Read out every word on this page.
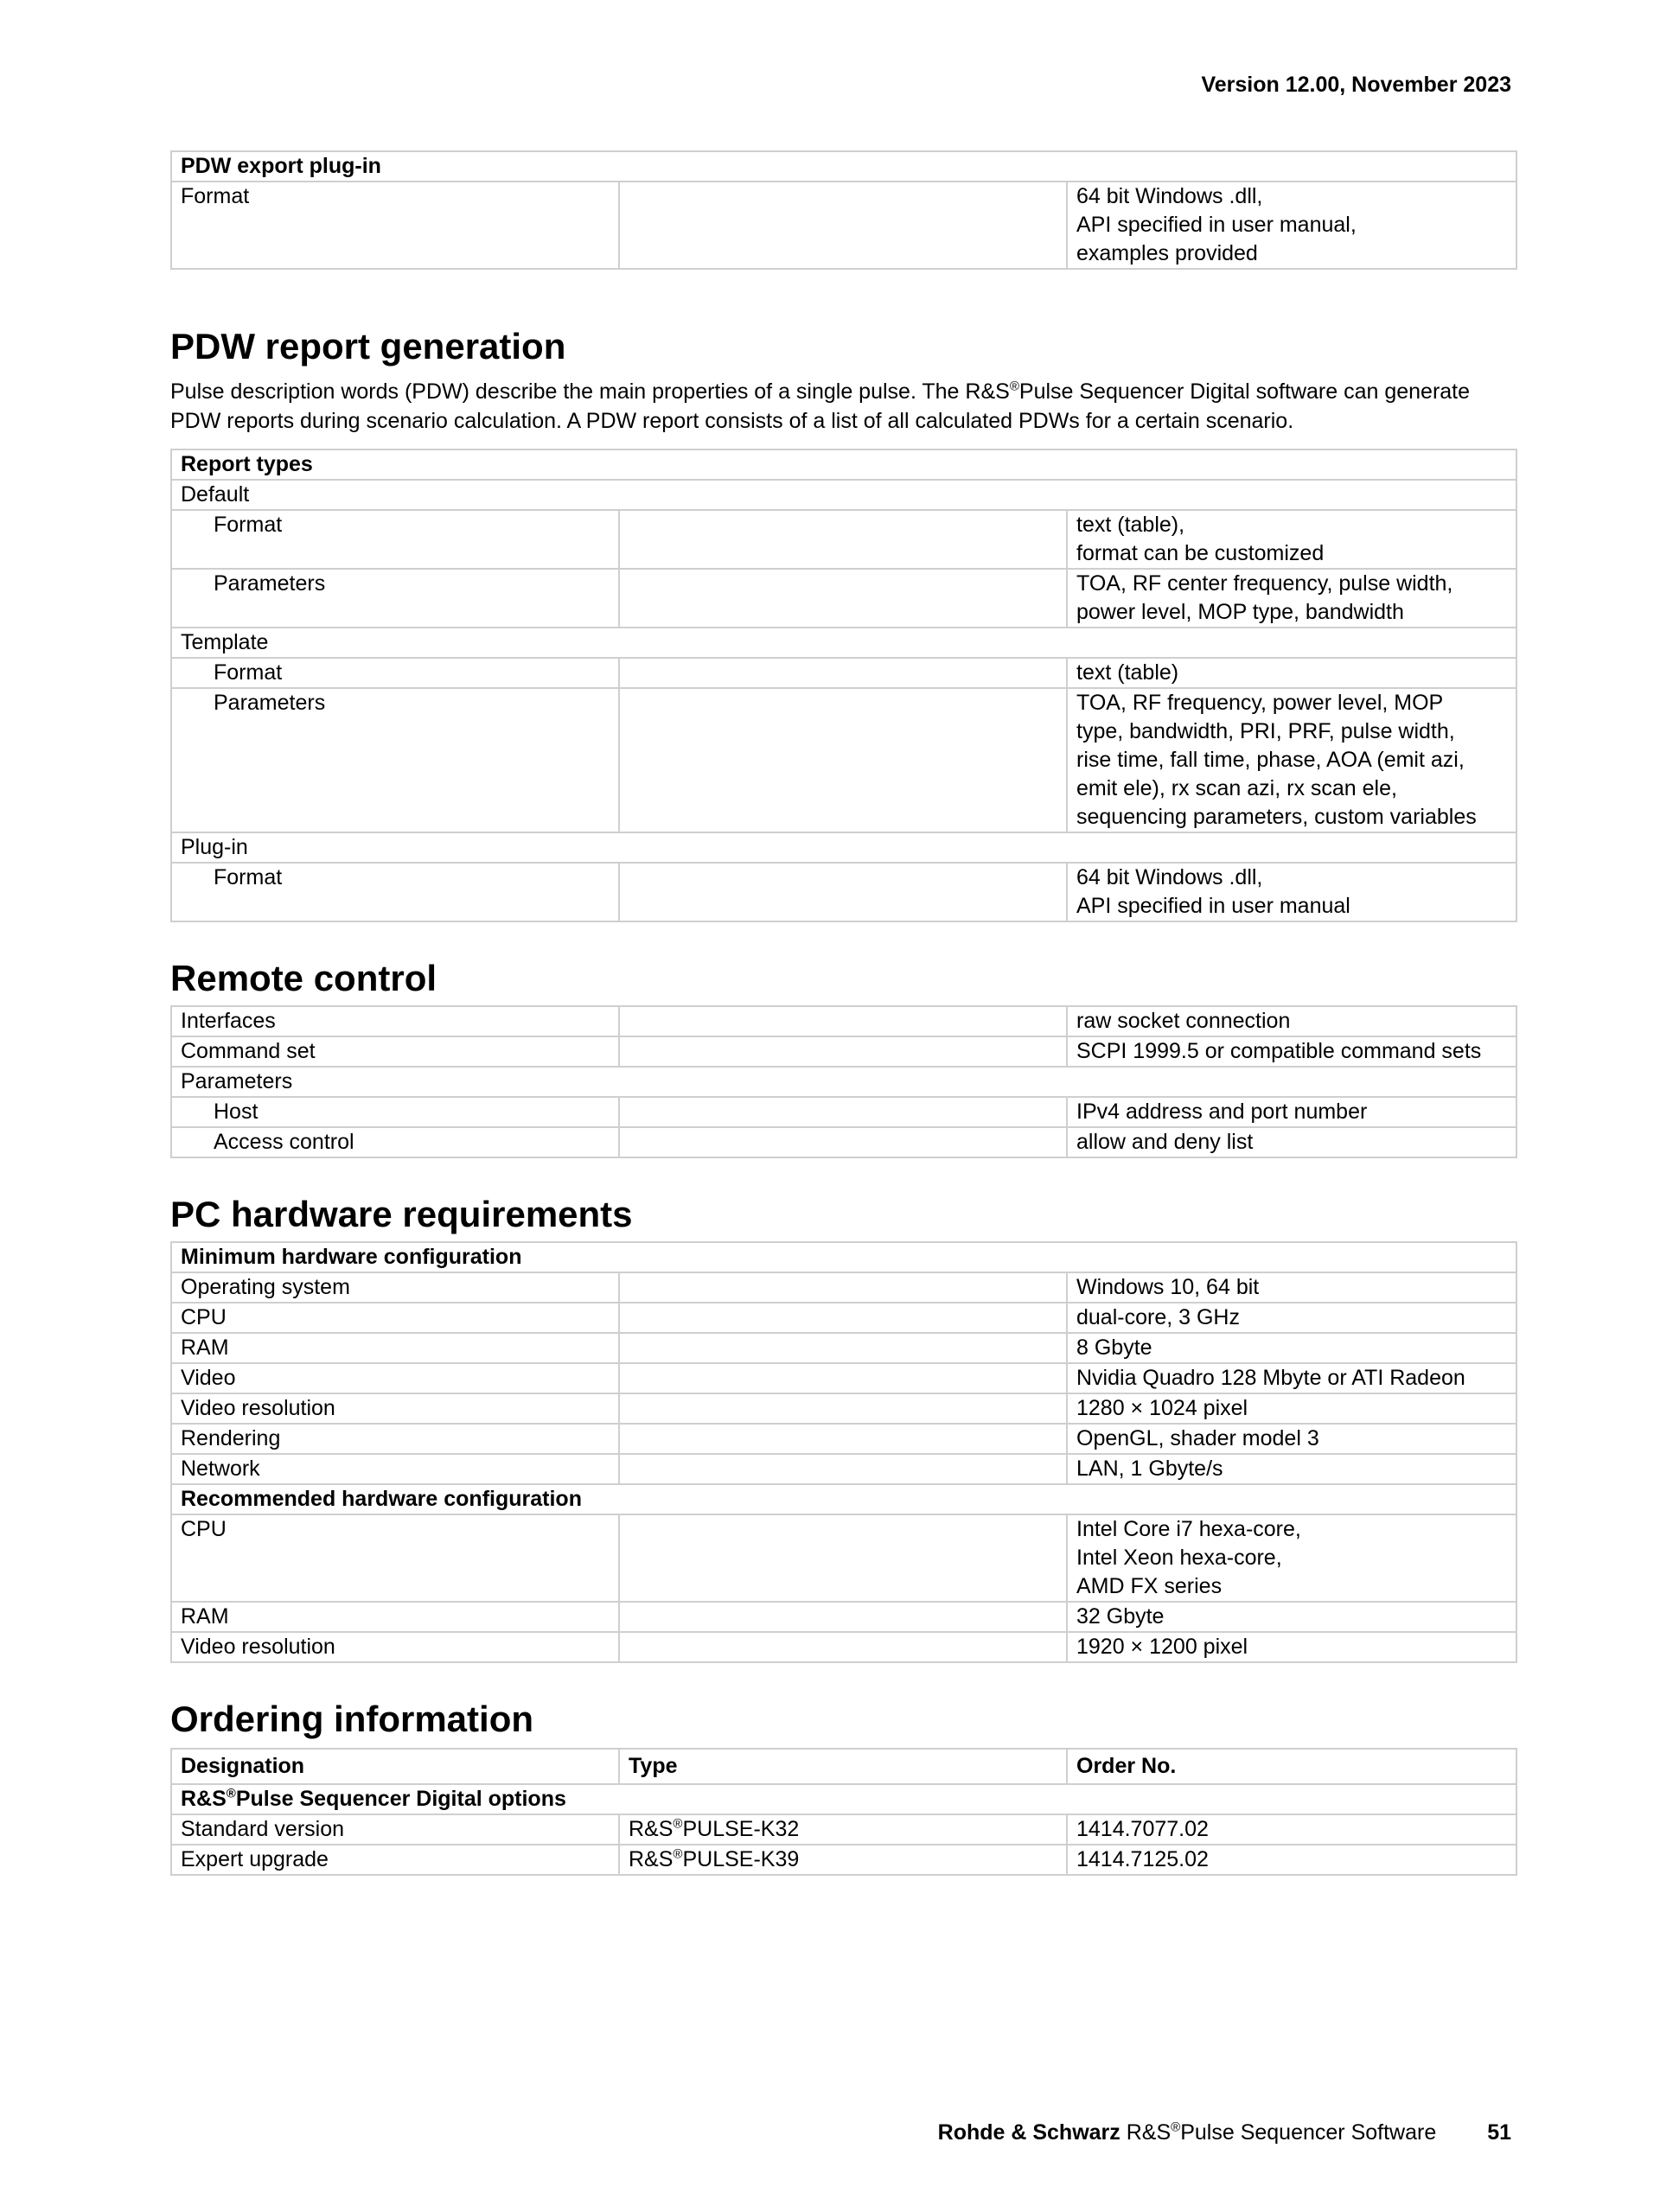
Version 12.00, November 2023
PDW export plug-in
Format		64 bit Windows .dll,
API specified in user manual,
examples provided
PDW report generation

Pulse description words (PDW) describe the main properties of a single pulse. The R&S®Pulse Sequencer Digital software can generate PDW reports during scenario calculation. A PDW report consists of a list of all calculated PDWs for a certain scenario.

Report types		
Default		
Format		text (table),
format can be customized

Parameters		TOA, RF center frequency, pulse width,
power level, MOP type, bandwidth

Template		
Format		text (table)
Parameters		TOA, RF frequency, power level, MOP
type, bandwidth, PRI, PRF, pulse width,
rise time, fall time, phase, AOA (emit azi,
emit ele), rx scan azi, rx scan ele,
sequencing parameters, custom variables

Plug-in		
Format		64 bit Windows .dll,
API specified in user manual
Remote control
Interfaces		raw socket connection
Command set		SCPI 1999.5 or compatible command sets
Parameters		
Host		IPv4 address and port number
Access control		allow and deny list
PC hardware requirements
Minimum hardware configuration		
Operating system		Windows 10, 64 bit
CPU		dual-core, 3 GHz
RAM		8 Gbyte
Video		Nvidia Quadro 128 Mbyte or ATI Radeon
Video resolution		1280 × 1024 pixel
Rendering		OpenGL, shader model 3
Network		LAN, 1 Gbyte/s
Recommended hardware configuration		
CPU		Intel Core i7 hexa-core,
Intel Xeon hexa-core,
AMD FX series

RAM		32 Gbyte
Video resolution		1920 × 1200 pixel
Ordering information
Designation	Type	Order No.
R&S®Pulse Sequencer Digital options		
Standard version	R&S®PULSE-K32	1414.7077.02
Expert upgrade	R&S®PULSE-K39	1414.7125.02
Rohde & Schwarz R&S®Pulse Sequencer Software 51
